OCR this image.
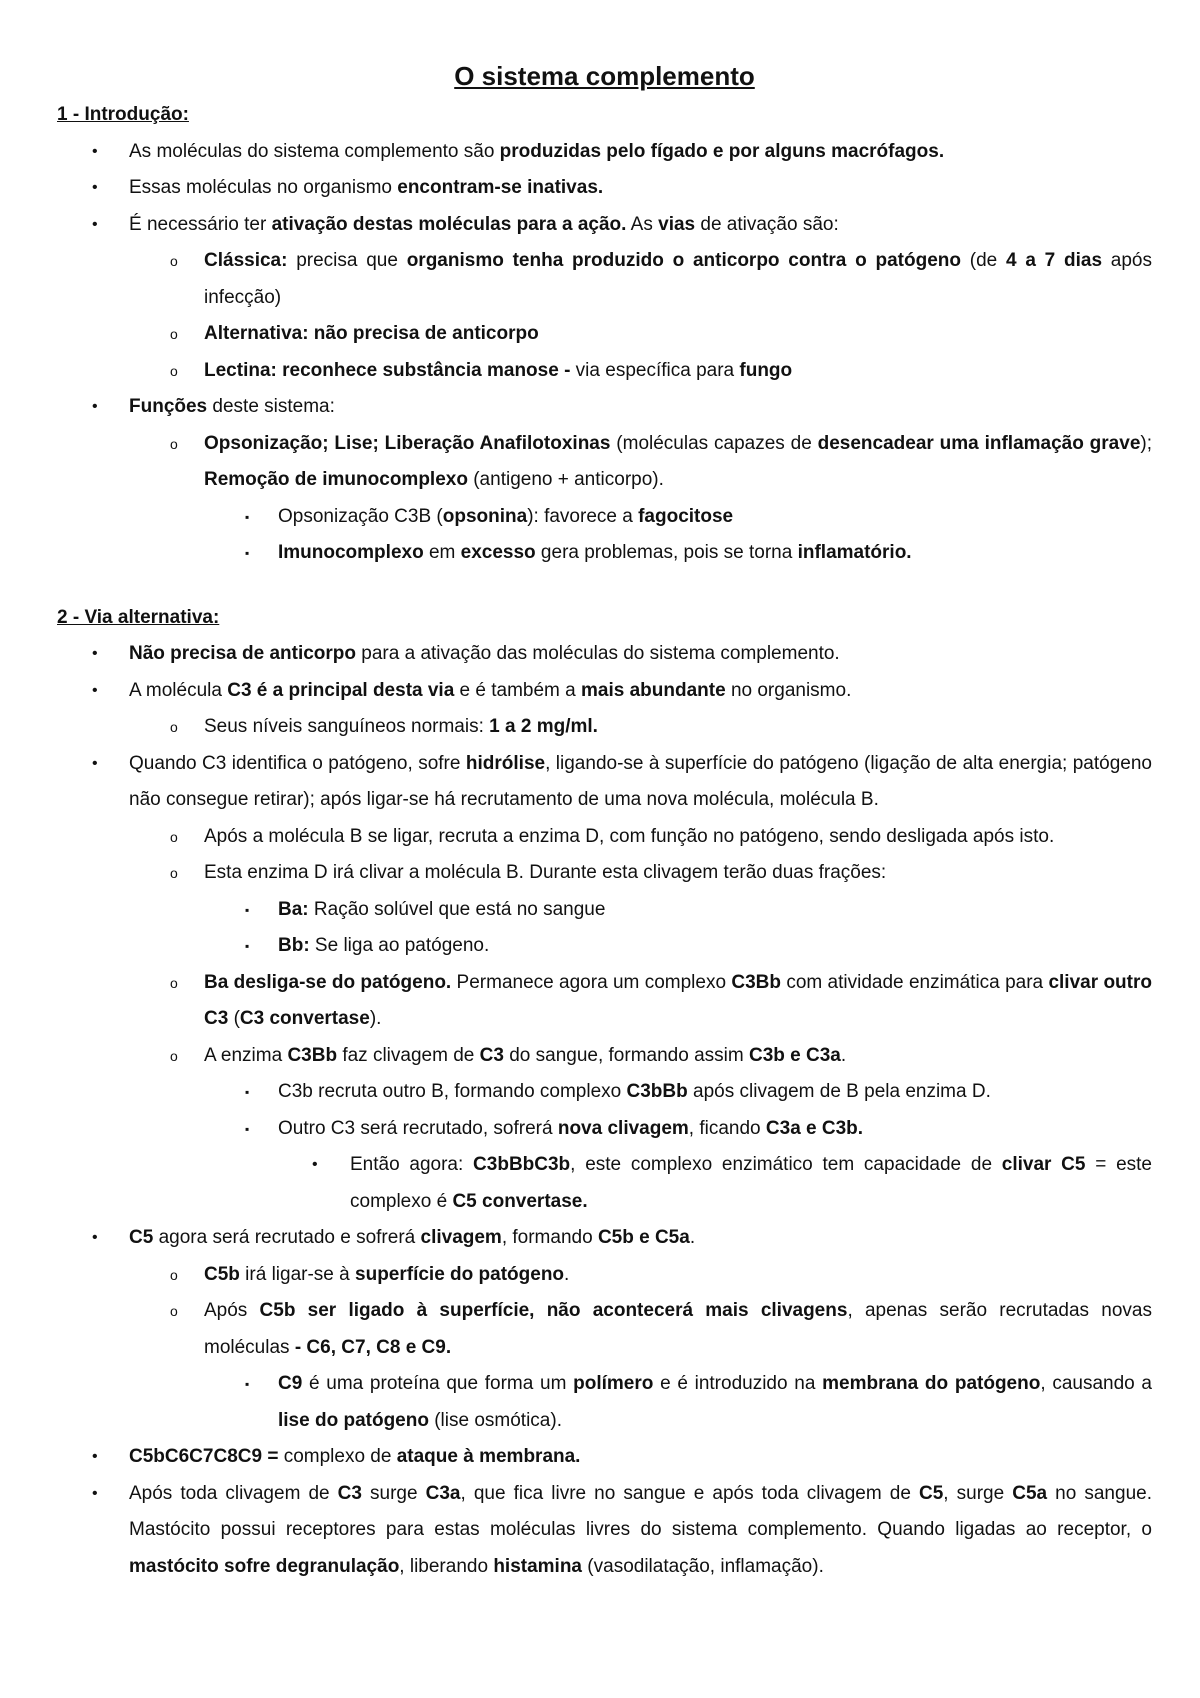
O sistema complemento
1 - Introdução:
• As moléculas do sistema complemento são produzidas pelo fígado e por alguns macrófagos.
• Essas moléculas no organismo encontram-se inativas.
• É necessário ter ativação destas moléculas para a ação. As vias de ativação são:
o Clássica: precisa que organismo tenha produzido o anticorpo contra o patógeno (de 4 a 7 dias após infecção)
o Alternativa: não precisa de anticorpo
o Lectina: reconhece substância manose - via específica para fungo
• Funções deste sistema:
o Opsonização; Lise; Liberação Anafilotoxinas (moléculas capazes de desencadear uma inflamação grave); Remoção de imunocomplexo (antigeno + anticorpo).
▪ Opsonização C3B (opsonina): favorece a fagocitose
▪ Imunocomplexo em excesso gera problemas, pois se torna inflamatório.
2 - Via alternativa:
• Não precisa de anticorpo para a ativação das moléculas do sistema complemento.
• A molécula C3 é a principal desta via e é também a mais abundante no organismo.
o Seus níveis sanguíneos normais: 1 a 2 mg/ml.
• Quando C3 identifica o patógeno, sofre hidrólise, ligando-se à superfície do patógeno (ligação de alta energia; patógeno não consegue retirar); após ligar-se há recrutamento de uma nova molécula, molécula B.
o Após a molécula B se ligar, recruta a enzima D, com função no patógeno, sendo desligada após isto.
o Esta enzima D irá clivar a molécula B. Durante esta clivagem terão duas frações:
▪ Ba: Ração solúvel que está no sangue
▪ Bb: Se liga ao patógeno.
o Ba desliga-se do patógeno. Permanece agora um complexo C3Bb com atividade enzimática para clivar outro C3 (C3 convertase).
o A enzima C3Bb faz clivagem de C3 do sangue, formando assim C3b e C3a.
▪ C3b recruta outro B, formando complexo C3bBb após clivagem de B pela enzima D.
▪ Outro C3 será recrutado, sofrerá nova clivagem, ficando C3a e C3b.
• Então agora: C3bBbC3b, este complexo enzimático tem capacidade de clivar C5 = este complexo é C5 convertase.
• C5 agora será recrutado e sofrerá clivagem, formando C5b e C5a.
o C5b irá ligar-se à superfície do patógeno.
o Após C5b ser ligado à superfície, não acontecerá mais clivagens, apenas serão recrutadas novas moléculas - C6, C7, C8 e C9.
▪ C9 é uma proteína que forma um polímero e é introduzido na membrana do patógeno, causando a lise do patógeno (lise osmótica).
• C5bC6C7C8C9 = complexo de ataque à membrana.
• Após toda clivagem de C3 surge C3a, que fica livre no sangue e após toda clivagem de C5, surge C5a no sangue. Mastócito possui receptores para estas moléculas livres do sistema complemento. Quando ligadas ao receptor, o mastócito sofre degranulação, liberando histamina (vasodilatação, inflamação).
